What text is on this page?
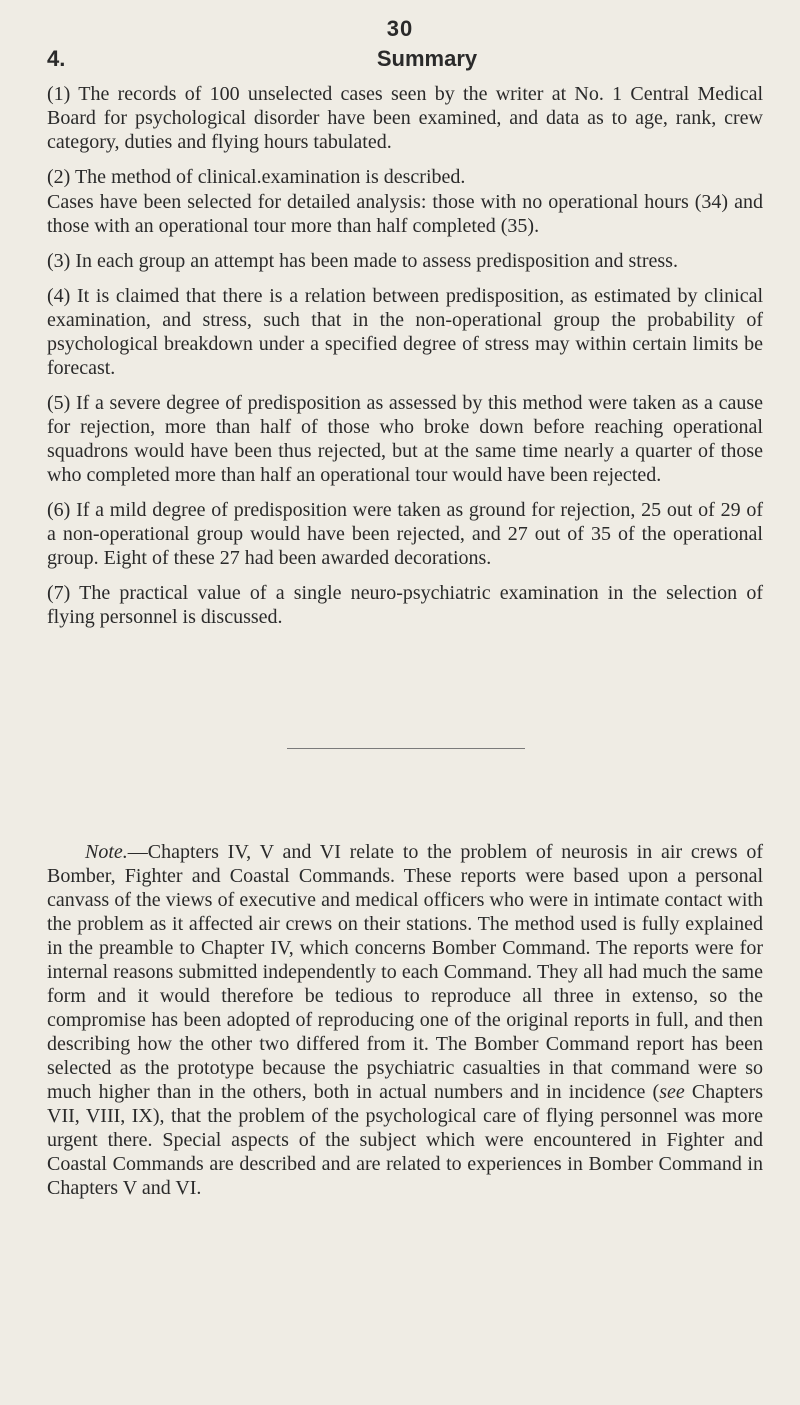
30
4.	Summary

(1) The records of 100 unselected cases seen by the writer at No. 1 Central Medical Board for psychological disorder have been examined, and data as to age, rank, crew category, duties and flying hours tabulated.

(2) The method of clinical.examination is described.

Cases have been selected for detailed analysis: those with no operational hours (34) and those with an operational tour more than half completed (35).

(3) In each group an attempt has been made to assess predisposition and stress.

(4) It is claimed that there is a relation between predisposition, as estimated by clinical examination, and stress, such that in the non-operational group the probability of psychological breakdown under a specified degree of stress may within certain limits be forecast.

(5) If a severe degree of predisposition as assessed by this method were taken as a cause for rejection, more than half of those who broke down before reaching operational squadrons would have been thus rejected, but at the same time nearly a quarter of those who completed more than half an operational tour would have been rejected.

(6) If a mild degree of predisposition were taken as ground for rejection, 25 out of 29 of a non-operational group would have been rejected, and 27 out of 35 of the operational group. Eight of these 27 had been awarded decorations.

(7) The practical value of a single neuro-psychiatric examination in the selection of flying personnel is discussed.

Note.—Chapters IV, V and VI relate to the problem of neurosis in air crews of Bomber, Fighter and Coastal Commands. These reports were based upon a personal canvass of the views of executive and medical officers who were in intimate contact with the problem as it affected air crews on their stations. The method used is fully explained in the preamble to Chapter IV, which concerns Bomber Command. The reports were for internal reasons submitted independently to each Command. They all had much the same form and it would therefore be tedious to reproduce all three in extenso, so the compromise has been adopted of reproducing one of the original reports in full, and then describing how the other two differed from it. The Bomber Command report has been selected as the prototype because the psychiatric casualties in that command were so much higher than in the others, both in actual numbers and in incidence (see Chapters VII, VIII, IX), that the problem of the psychological care of flying personnel was more urgent there. Special aspects of the subject which were encountered in Fighter and Coastal Commands are described and are related to experiences in Bomber Command in Chapters V and VI.
